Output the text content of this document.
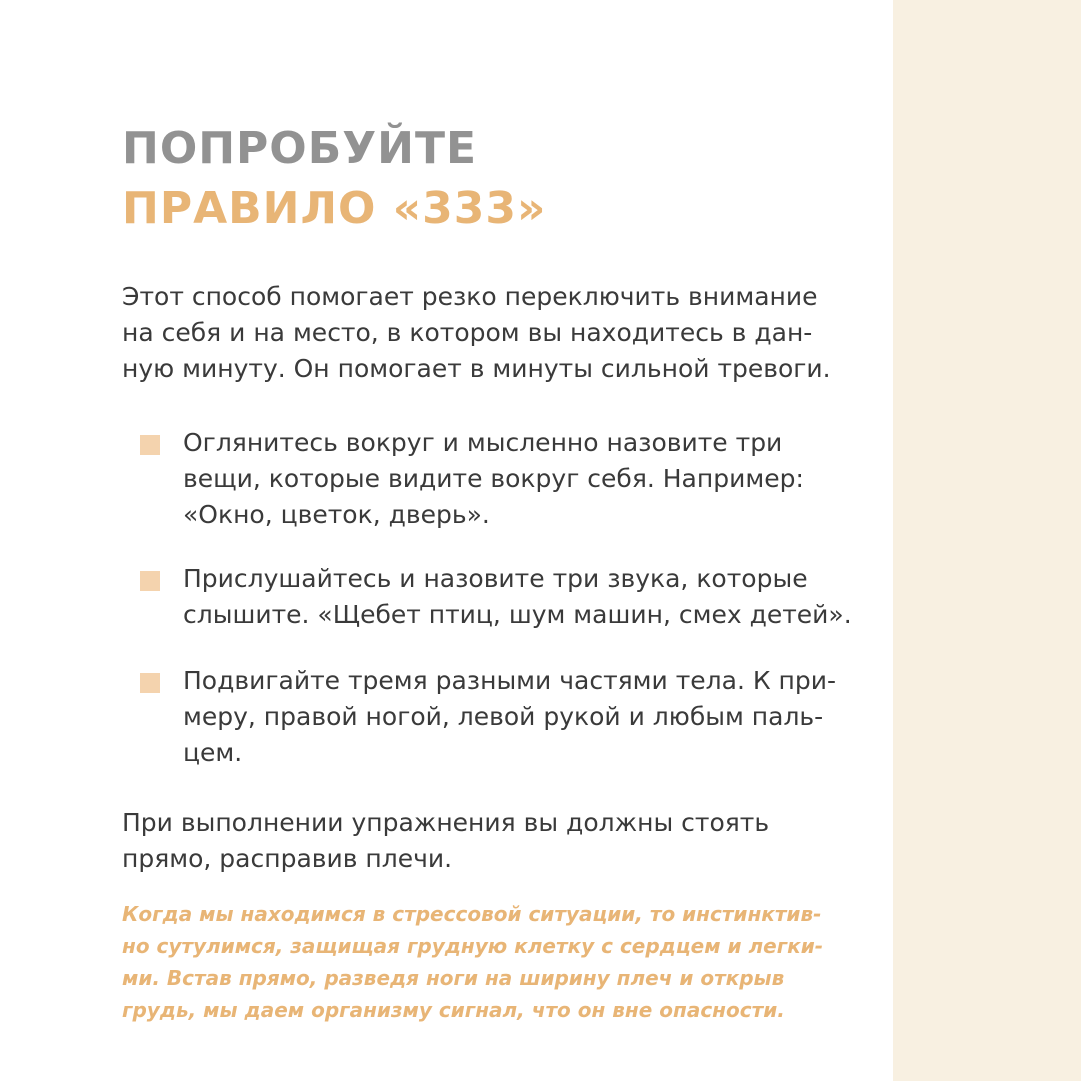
ПОПРОБУЙТЕ
ПРАВИЛО «333»
Этот способ помогает резко переключить внимание
на себя и на место, в котором вы находитесь в дан-
ную минуту. Он помогает в минуты сильной тревоги.
Оглянитесь вокруг и мысленно назовите три
вещи, которые видите вокруг себя. Например:
«Окно, цветок, дверь».
Прислушайтесь и назовите три звука, которые
слышите. «Щебет птиц, шум машин, смех детей».
Подвигайте тремя разными частями тела. К при-
меру, правой ногой, левой рукой и любым паль-
цем.
При выполнении упражнения вы должны стоять
прямо, расправив плечи.
Когда мы находимся в стрессовой ситуации, то инстинктив-
но сутулимся, защищая грудную клетку с сердцем и легки-
ми. Встав прямо, разведя ноги на ширину плеч и открыв
грудь, мы даем организму сигнал, что он вне опасности.
